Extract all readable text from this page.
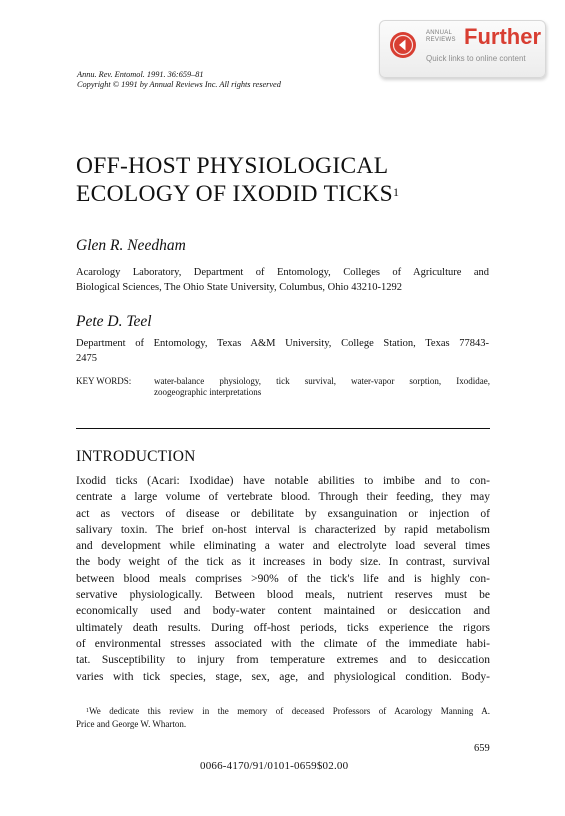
ANNUAL
REVIEWS Further
Quick links to online content
Annu. Rev. Entomol. 1991. 36:659–81
Copyright © 1991 by Annual Reviews Inc. All rights reserved
OFF-HOST PHYSIOLOGICAL
ECOLOGY OF IXODID TICKS$^1$
Glen R. Needham
Acarology Laboratory, Department of Entomology, Colleges of Agriculture and
Biological Sciences, The Ohio State University, Columbus, Ohio 43210-1292
Pete D. Teel
Department of Entomology, Texas A&M University, College Station, Texas 77843-
2475
KEY WORDS:	water-balance physiology, tick survival, water-vapor sorption, Ixodidae,
zoogeographic interpretations
INTRODUCTION
Ixodid ticks (Acari: Ixodidae) have notable abilities to imbibe and to con-
centrate a large volume of vertebrate blood. Through their feeding, they may
act as vectors of disease or debilitate by exsanguination or injection of
salivary toxin. The brief on-host interval is characterized by rapid metabolism
and development while eliminating a water and electrolyte load several times
the body weight of the tick as it increases in body size. In contrast, survival
between blood meals comprises >90% of the tick's life and is highly con-
servative physiologically. Between blood meals, nutrient reserves must be
economically used and body-water content maintained or desiccation and
ultimately death results. During off-host periods, ticks experience the rigors
of environmental stresses associated with the climate of the immediate habi-
tat. Susceptibility to injury from temperature extremes and to desiccation
varies with tick species, stage, sex, age, and physiological condition. Body-
$^1$We dedicate this review in the memory of deceased Professors of Acarology Manning A.
Price and George W. Wharton.
659
0066-4170/91/0101-0659$02.00
